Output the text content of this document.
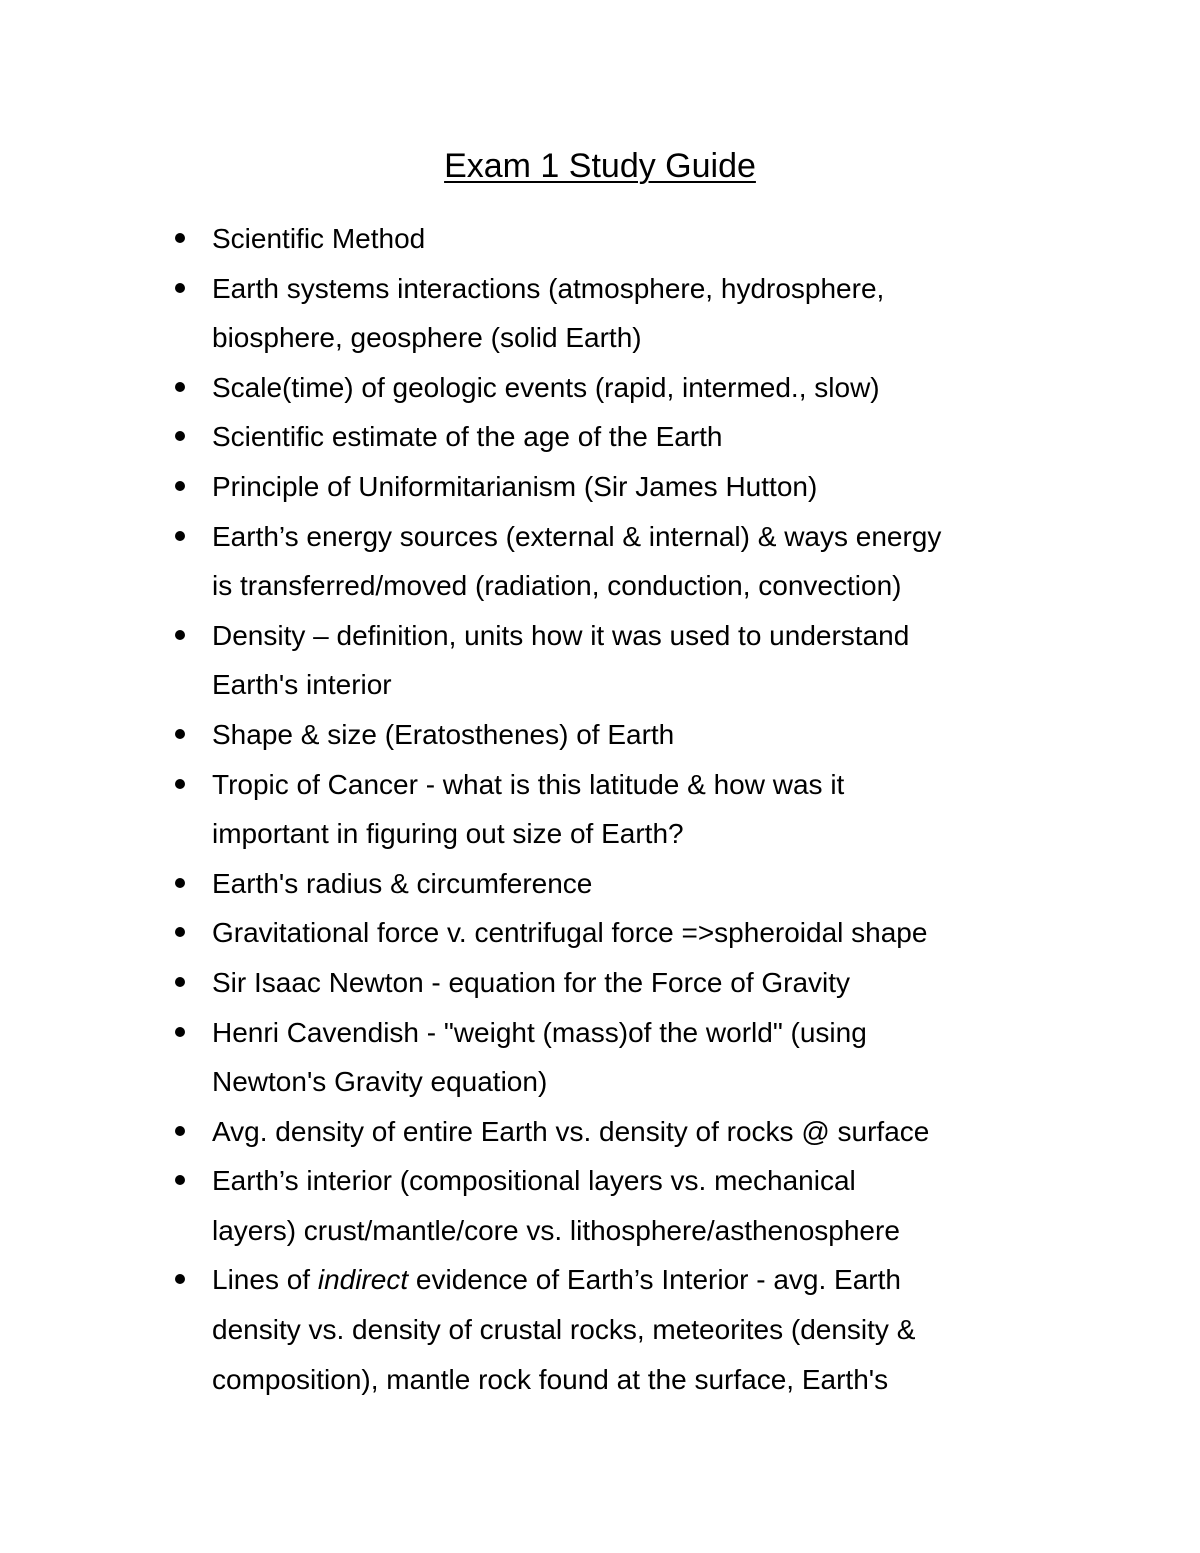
Exam 1 Study Guide
Scientific Method
Earth systems interactions (atmosphere, hydrosphere,
biosphere, geosphere (solid Earth)
Scale(time) of geologic events (rapid, intermed., slow)
Scientific estimate of the age of the Earth
Principle of Uniformitarianism (Sir James Hutton)
Earth’s energy sources (external & internal) & ways energy
is transferred/moved (radiation, conduction, convection)
Density – definition, units how it was used to understand
Earth's interior
Shape & size (Eratosthenes) of Earth
Tropic of Cancer - what is this latitude & how was it
important in figuring out size of Earth?
Earth's radius & circumference
Gravitational force v. centrifugal force =>spheroidal shape
Sir Isaac Newton - equation for the Force of Gravity
Henri Cavendish - "weight (mass)of the world" (using
Newton's Gravity equation)
Avg. density of entire Earth vs. density of rocks @ surface
Earth’s interior (compositional layers vs. mechanical
layers) crust/mantle/core vs. lithosphere/asthenosphere
Lines of indirect evidence of Earth’s Interior - avg. Earth
density vs. density of crustal rocks, meteorites (density &
composition), mantle rock found at the surface, Earth's
